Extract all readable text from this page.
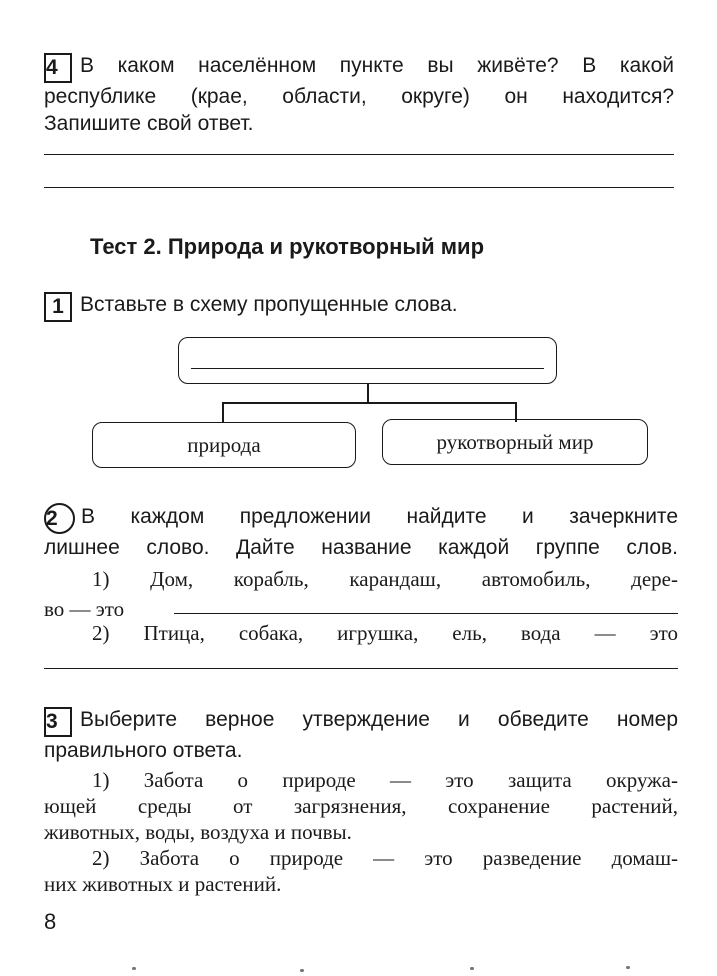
4 В каком населённом пункте вы живёте? В какой
республике (крае, области, округе) он находится?
Запишите свой ответ.
Тест 2. Природа и рукотворный мир
1 Вставьте в схему пропущенные слова.
природа	рукотворный мир
2 В каждом предложении найдите и зачеркните
лишнее слово. Дайте название каждой группе слов.
1) Дом, корабль, карандаш, автомобиль, дере-
во — это
2) Птица, собака, игрушка, ель, вода — это
3 Выберите верное утверждение и обведите номер
правильного ответа.
1) Забота о природе — это защита окружа-
ющей среды от загрязнения, сохранение растений,
животных, воды, воздуха и почвы.
2) Забота о природе — это разведение домаш-
них животных и растений.
8
